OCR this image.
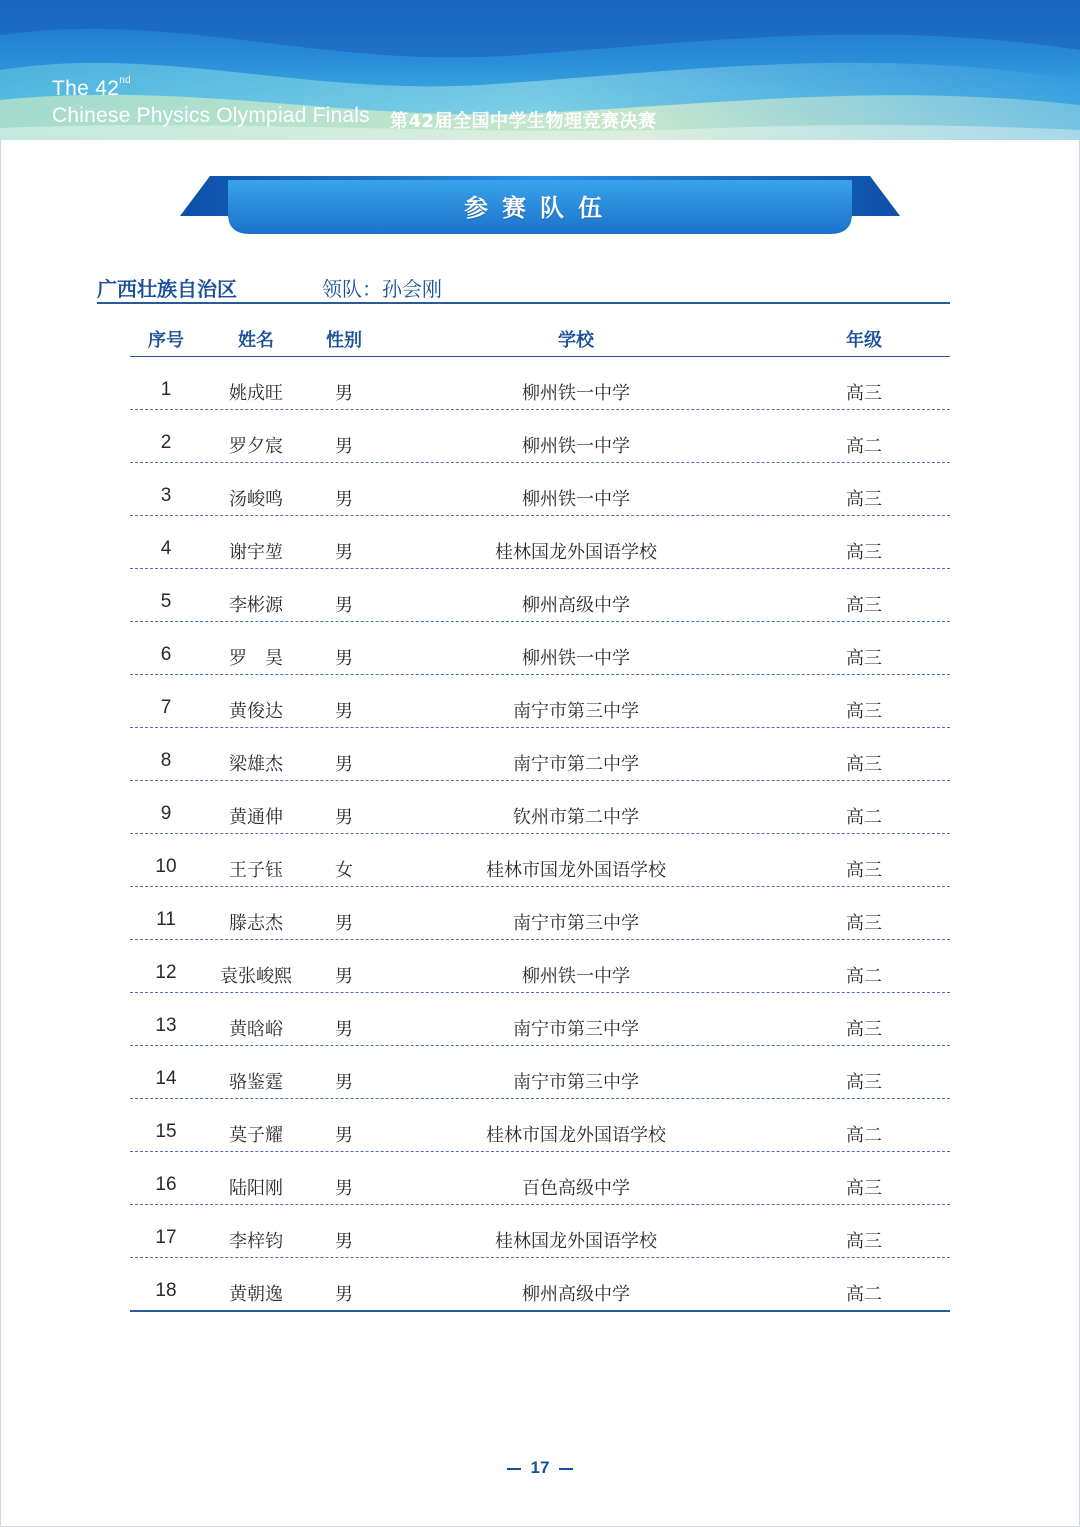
The 42nd
Chinese Physics Olympiad Finals 第42届全国中学生物理竞赛决赛
参赛队伍
广西壮族自治区	领队：孙会刚
序号	姓名	性别	学校	年级
1	姚成旺	男	柳州铁一中学	高三
2	罗夕宸	男	柳州铁一中学	高二
3	汤峻鸣	男	柳州铁一中学	高三
4	谢宇堃	男	桂林国龙外国语学校	高三
5	李彬源	男	柳州高级中学	高三
6	罗　昊	男	柳州铁一中学	高三
7	黄俊达	男	南宁市第三中学	高三
8	梁雄杰	男	南宁市第二中学	高三
9	黄通伸	男	钦州市第二中学	高二
10	王子钰	女	桂林市国龙外国语学校	高三
11	滕志杰	男	南宁市第三中学	高三
12	袁张峻熙	男	柳州铁一中学	高二
13	黄晗峪	男	南宁市第三中学	高三
14	骆鉴霆	男	南宁市第三中学	高三
15	莫子耀	男	桂林市国龙外国语学校	高二
16	陆阳刚	男	百色高级中学	高三
17	李梓钧	男	桂林国龙外国语学校	高三
18	黄朝逸	男	柳州高级中学	高二
17
